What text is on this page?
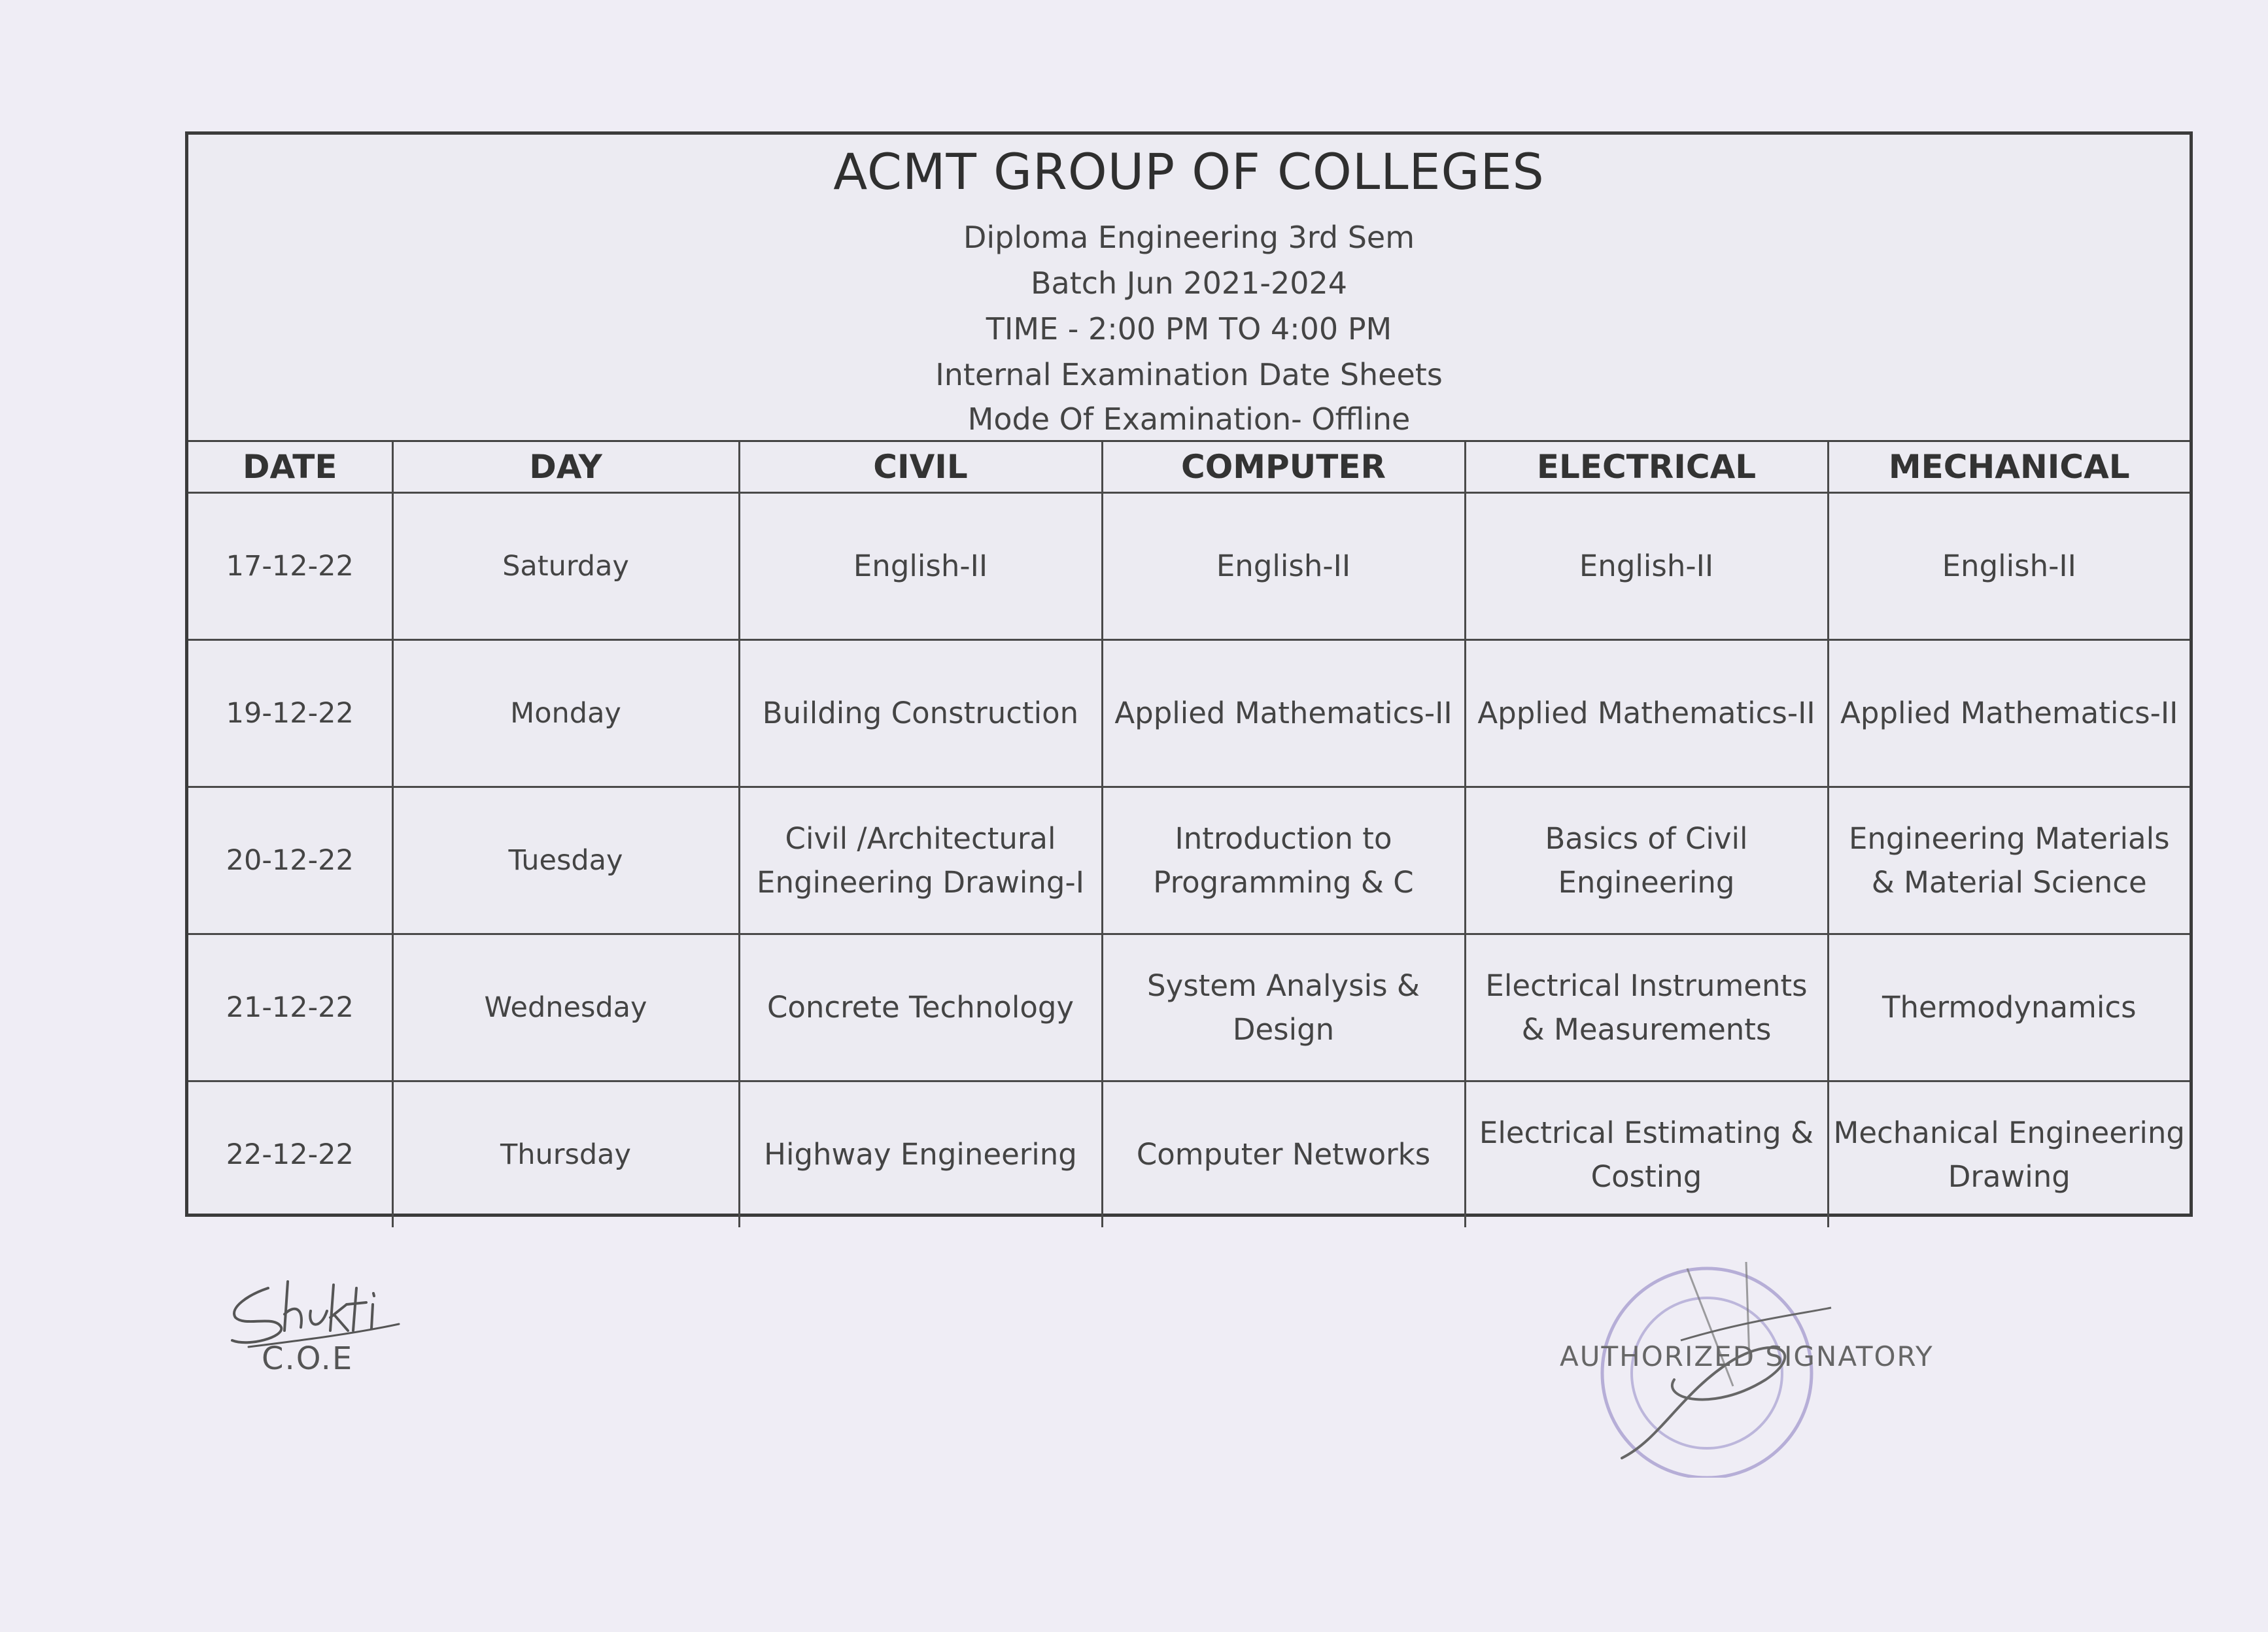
ACMT GROUP OF COLLEGES
Diploma Engineering 3rd Sem
Batch Jun 2021-2024
TIME - 2:00 PM TO 4:00 PM
Internal Examination Date Sheets
Mode Of Examination- Offline
DATE	DAY	CIVIL	COMPUTER	ELECTRICAL	MECHANICAL
17-12-22	Saturday	English-II	English-II	English-II	English-II
19-12-22	Monday	Building Construction	Applied Mathematics-II	Applied Mathematics-II	Applied Mathematics-II
20-12-22	Tuesday	Civil /Architectural Engineering Drawing-I	Introduction to Programming & C	Basics of Civil Engineering	Engineering Materials & Material Science
21-12-22	Wednesday	Concrete Technology	System Analysis & Design	Electrical Instruments & Measurements	Thermodynamics
22-12-22	Thursday	Highway Engineering	Computer Networks	Electrical Estimating & Costing	Mechanical Engineering Drawing
C.O.E	AUTHORIZED SIGNATORY
